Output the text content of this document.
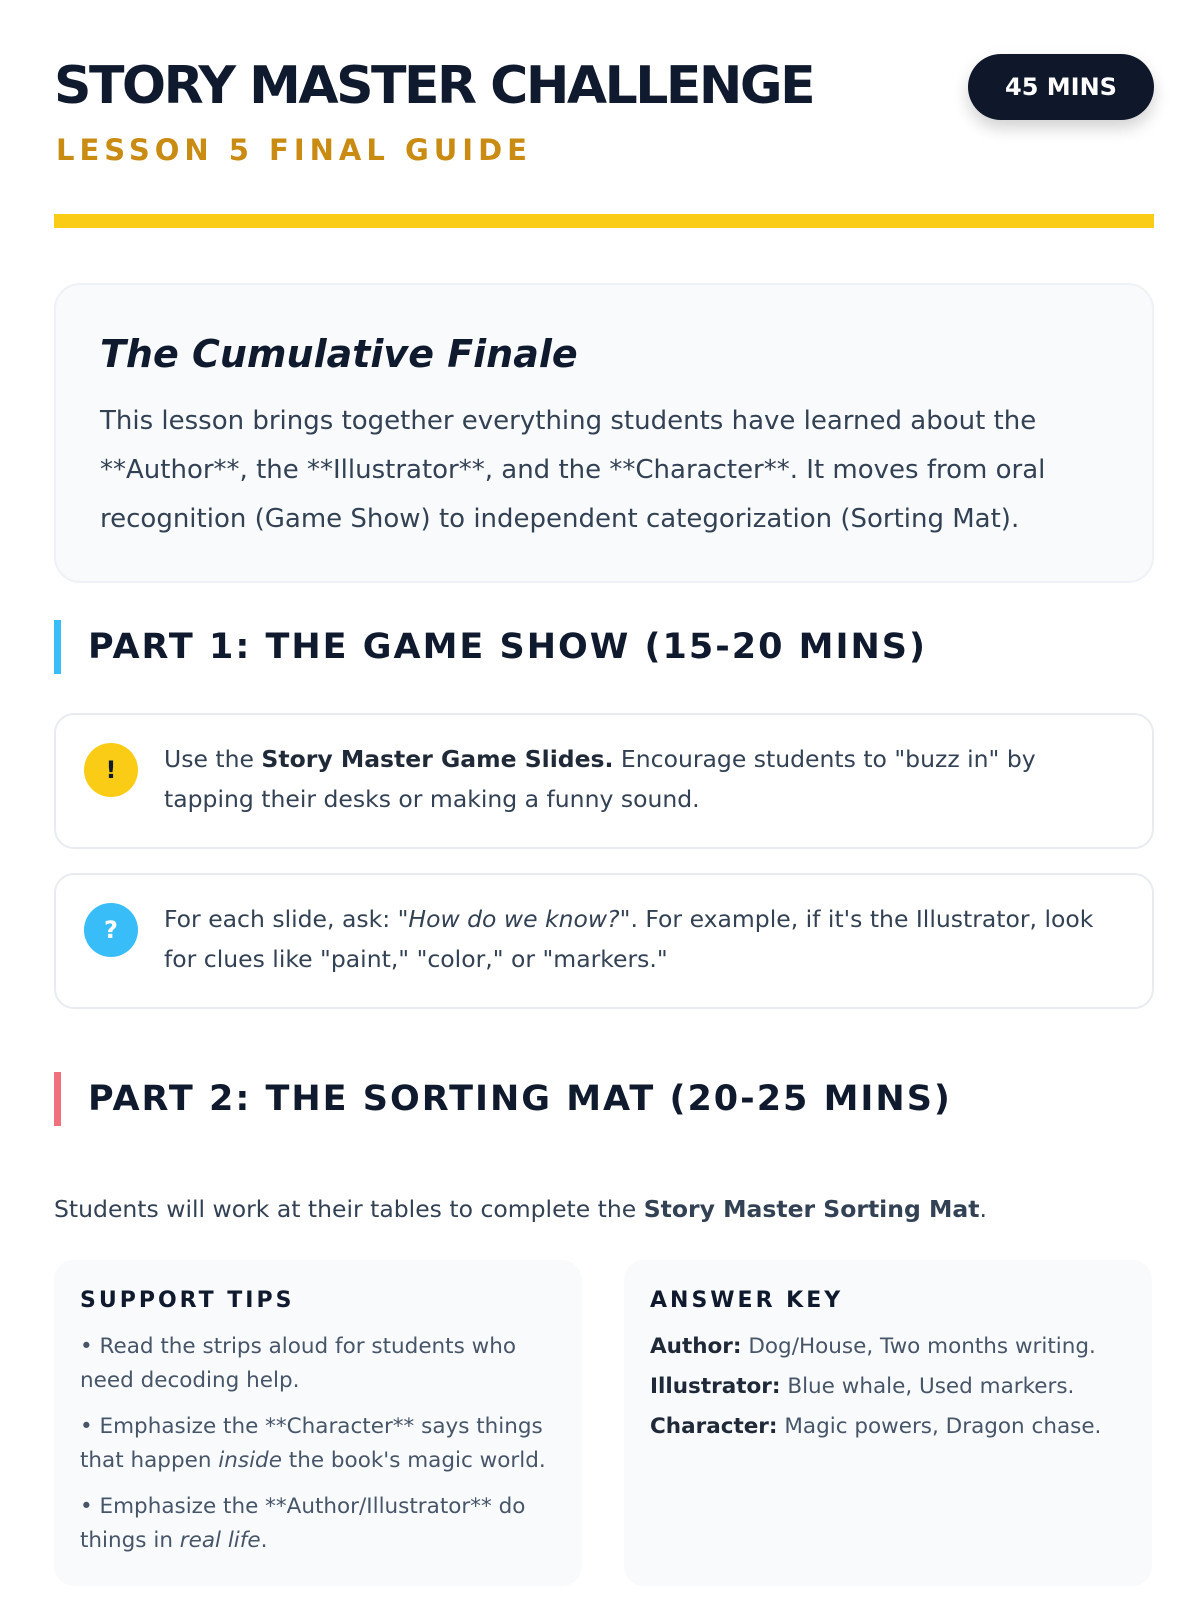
STORY MASTER CHALLENGE
LESSON 5 FINAL GUIDE
45 MINS
The Cumulative Finale
This lesson brings together everything students have learned about the **Author**, the **Illustrator**, and the **Character**. It moves from oral recognition (Game Show) to independent categorization (Sorting Mat).
PART 1: THE GAME SHOW (15-20 MINS)
!	Use the Story Master Game Slides. Encourage students to "buzz in" by tapping their desks or making a funny sound.
?	For each slide, ask: "How do we know?". For example, if it's the Illustrator, look for clues like "paint," "color," or "markers."
PART 2: THE SORTING MAT (20-25 MINS)
Students will work at their tables to complete the Story Master Sorting Mat.
SUPPORT TIPS
• Read the strips aloud for students who need decoding help.
• Emphasize the **Character** says things that happen inside the book's magic world.
• Emphasize the **Author/Illustrator** do things in real life.
ANSWER KEY
Author: Dog/House, Two months writing.
Illustrator: Blue whale, Used markers.
Character: Magic powers, Dragon chase.
